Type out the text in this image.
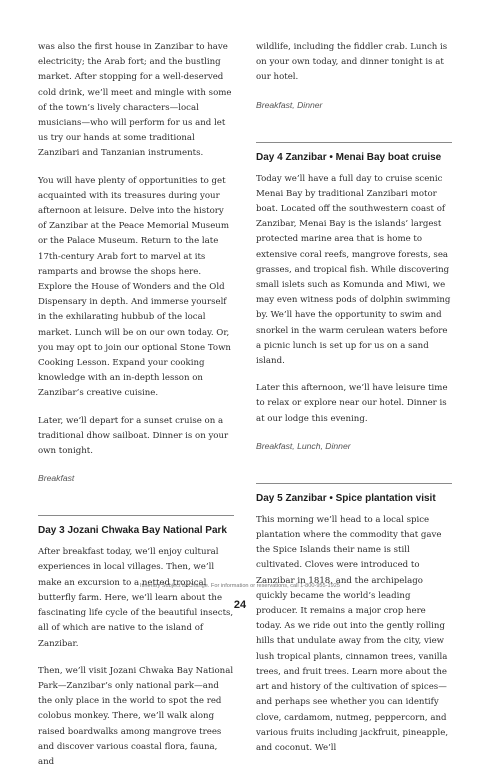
was also the first house in Zanzibar to have electricity; the Arab fort; and the bustling market. After stopping for a well-deserved cold drink, we’ll meet and mingle with some of the town’s lively characters—local musicians—who will perform for us and let us try our hands at some traditional Zanzibari and Tanzanian instruments.

You will have plenty of opportunities to get acquainted with its treasures during your afternoon at leisure. Delve into the history of Zanzibar at the Peace Memorial Museum or the Palace Museum. Return to the late 17th-century Arab fort to marvel at its ramparts and browse the shops here. Explore the House of Wonders and the Old Dispensary in depth. And immerse yourself in the exhilarating hubbub of the local market. Lunch will be on our own today. Or, you may opt to join our optional Stone Town Cooking Lesson. Expand your cooking knowledge with an in-depth lesson on Zanzibar’s creative cuisine.

Later, we’ll depart for a sunset cruise on a traditional dhow sailboat. Dinner is on your own tonight.

Breakfast
Day 3 Jozani Chwaka Bay National Park

After breakfast today, we’ll enjoy cultural experiences in local villages. Then, we’ll make an excursion to a netted tropical butterfly farm. Here, we’ll learn about the fascinating life cycle of the beautiful insects, all of which are native to the island of Zanzibar.

Then, we’ll visit Jozani Chwaka Bay National Park—Zanzibar’s only national park—and the only place in the world to spot the red colobus monkey. There, we’ll walk along raised boardwalks among mangrove trees and discover various coastal flora, fauna, and

wildlife, including the fiddler crab. Lunch is on your own today, and dinner tonight is at our hotel.

Breakfast, Dinner
Day 4 Zanzibar • Menai Bay boat cruise

Today we’ll have a full day to cruise scenic Menai Bay by traditional Zanzibari motor boat. Located off the southwestern coast of Zanzibar, Menai Bay is the islands’ largest protected marine area that is home to extensive coral reefs, mangrove forests, sea grasses, and tropical fish. While discovering small islets such as Komunda and Miwi, we may even witness pods of dolphin swimming by. We’ll have the opportunity to swim and snorkel in the warm cerulean waters before a picnic lunch is set up for us on a sand island.

Later this afternoon, we’ll have leisure time to relax or explore near our hotel. Dinner is at our lodge this evening.

Breakfast, Lunch, Dinner
Day 5 Zanzibar • Spice plantation visit

This morning we’ll head to a local spice plantation where the commodity that gave the Spice Islands their name is still cultivated. Cloves were introduced to Zanzibar in 1818, and the archipelago quickly became the world’s leading producer. It remains a major crop here today. As we ride out into the gently rolling hills that undulate away from the city, view lush tropical plants, cinnamon trees, vanilla trees, and fruit trees. Learn more about the art and history of the cultivation of spices—and perhaps see whether you can identify clove, cardamom, nutmeg, peppercorn, and various fruits including jackfruit, pineapple, and coconut. We’ll

Itinerary Subject to Change. For information or reservations, call 1-800-955-1925
24
